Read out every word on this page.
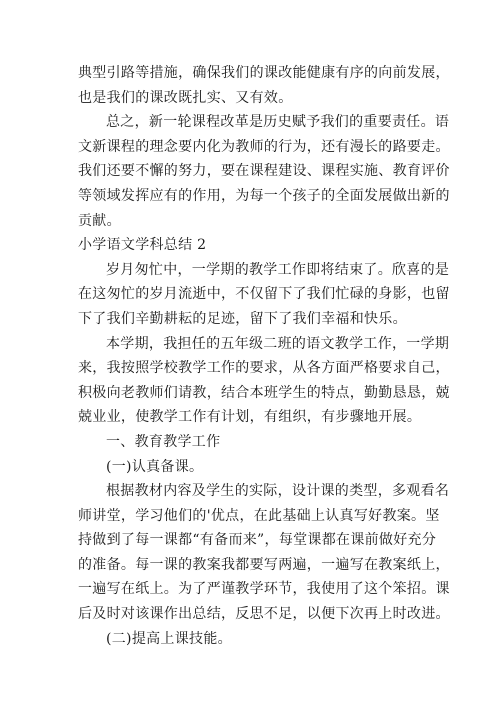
典型引路等措施，确保我们的课改能健康有序的向前发展，
也是我们的课改既扎实、又有效。
总之，新一轮课程改革是历史赋予我们的重要责任。语
文新课程的理念要内化为教师的行为，还有漫长的路要走。
我们还要不懈的努力，要在课程建设、课程实施、教育评价
等领域发挥应有的作用，为每一个孩子的全面发展做出新的
贡献。
小学语文学科总结 2
岁月匆忙中，一学期的教学工作即将结束了。欣喜的是
在这匆忙的岁月流逝中，不仅留下了我们忙碌的身影，也留
下了我们辛勤耕耘的足迹，留下了我们幸福和快乐。
本学期，我担任的五年级二班的语文教学工作，一学期
来，我按照学校教学工作的要求，从各方面严格要求自己，
积极向老教师们请教，结合本班学生的特点，勤勤恳恳，兢
兢业业，使教学工作有计划，有组织，有步骤地开展。
一、教育教学工作
(一)认真备课。
根据教材内容及学生的实际，设计课的类型，多观看名
师讲堂，学习他们的'优点，在此基础上认真写好教案。坚
持做到了每一课都“有备而来”，每堂课都在课前做好充分
的准备。每一课的教案我都要写两遍，一遍写在教案纸上，
一遍写在纸上。为了严谨教学环节，我使用了这个笨招。课
后及时对该课作出总结，反思不足，以便下次再上时改进。
(二)提高上课技能。
